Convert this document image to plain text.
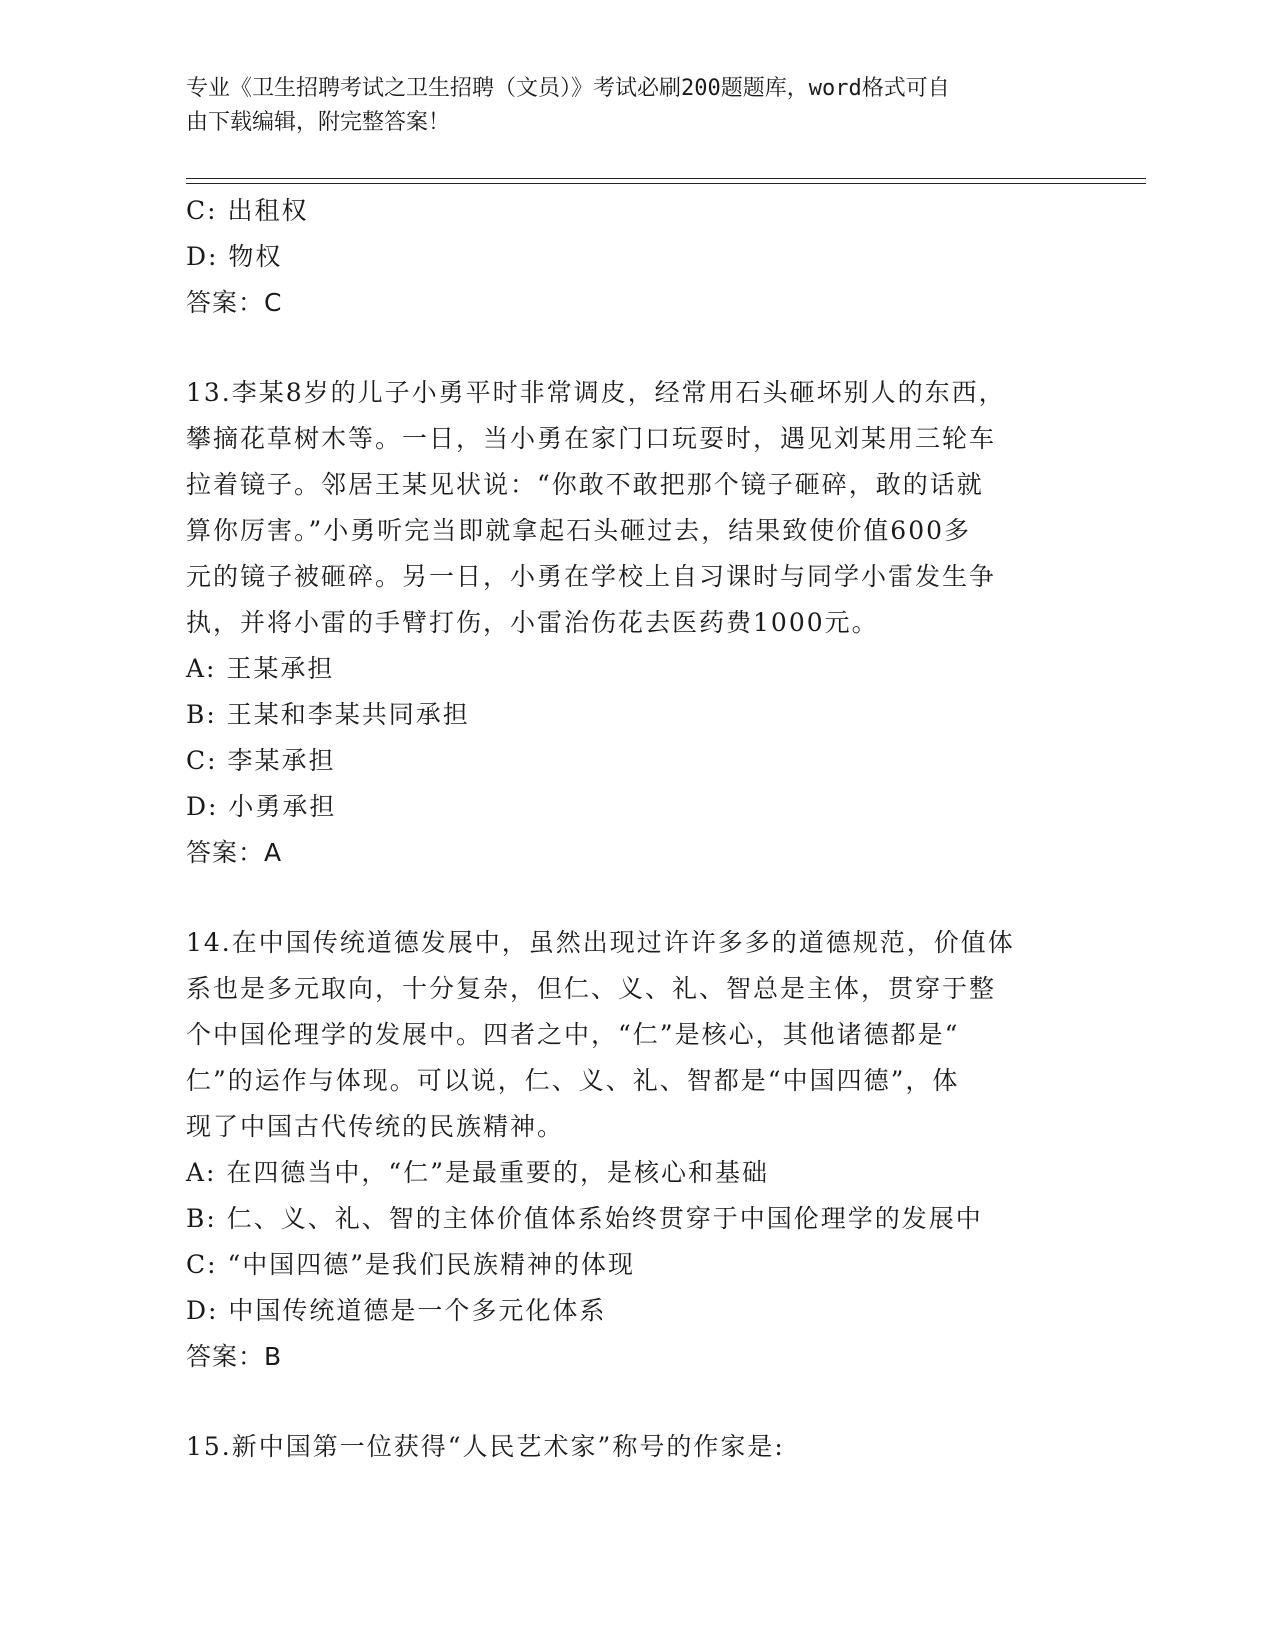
专业《卫生招聘考试之卫生招聘（文员）》考试必刷200题题库，word格式可自
由下载编辑，附完整答案！
C: 出租权
D: 物权
答案：C
13.李某8岁的儿子小勇平时非常调皮，经常用石头砸坏别人的东西，
攀摘花草树木等。一日，当小勇在家门口玩耍时，遇见刘某用三轮车
拉着镜子。邻居王某见状说：“你敢不敢把那个镜子砸碎，敢的话就
算你厉害。”小勇听完当即就拿起石头砸过去，结果致使价值600多
元的镜子被砸碎。另一日，小勇在学校上自习课时与同学小雷发生争
执，并将小雷的手臂打伤，小雷治伤花去医药费1000元。
A: 王某承担
B: 王某和李某共同承担
C: 李某承担
D: 小勇承担
答案：A
14.在中国传统道德发展中，虽然出现过许许多多的道德规范，价值体
系也是多元取向，十分复杂，但仁、义、礼、智总是主体，贯穿于整
个中国伦理学的发展中。四者之中，“仁”是核心，其他诸德都是“
仁”的运作与体现。可以说，仁、义、礼、智都是“中国四德”，体
现了中国古代传统的民族精神。
A: 在四德当中，“仁”是最重要的，是核心和基础
B: 仁、义、礼、智的主体价值体系始终贯穿于中国伦理学的发展中
C: “中国四德”是我们民族精神的体现
D: 中国传统道德是一个多元化体系
答案：B
15.新中国第一位获得“人民艺术家”称号的作家是:
